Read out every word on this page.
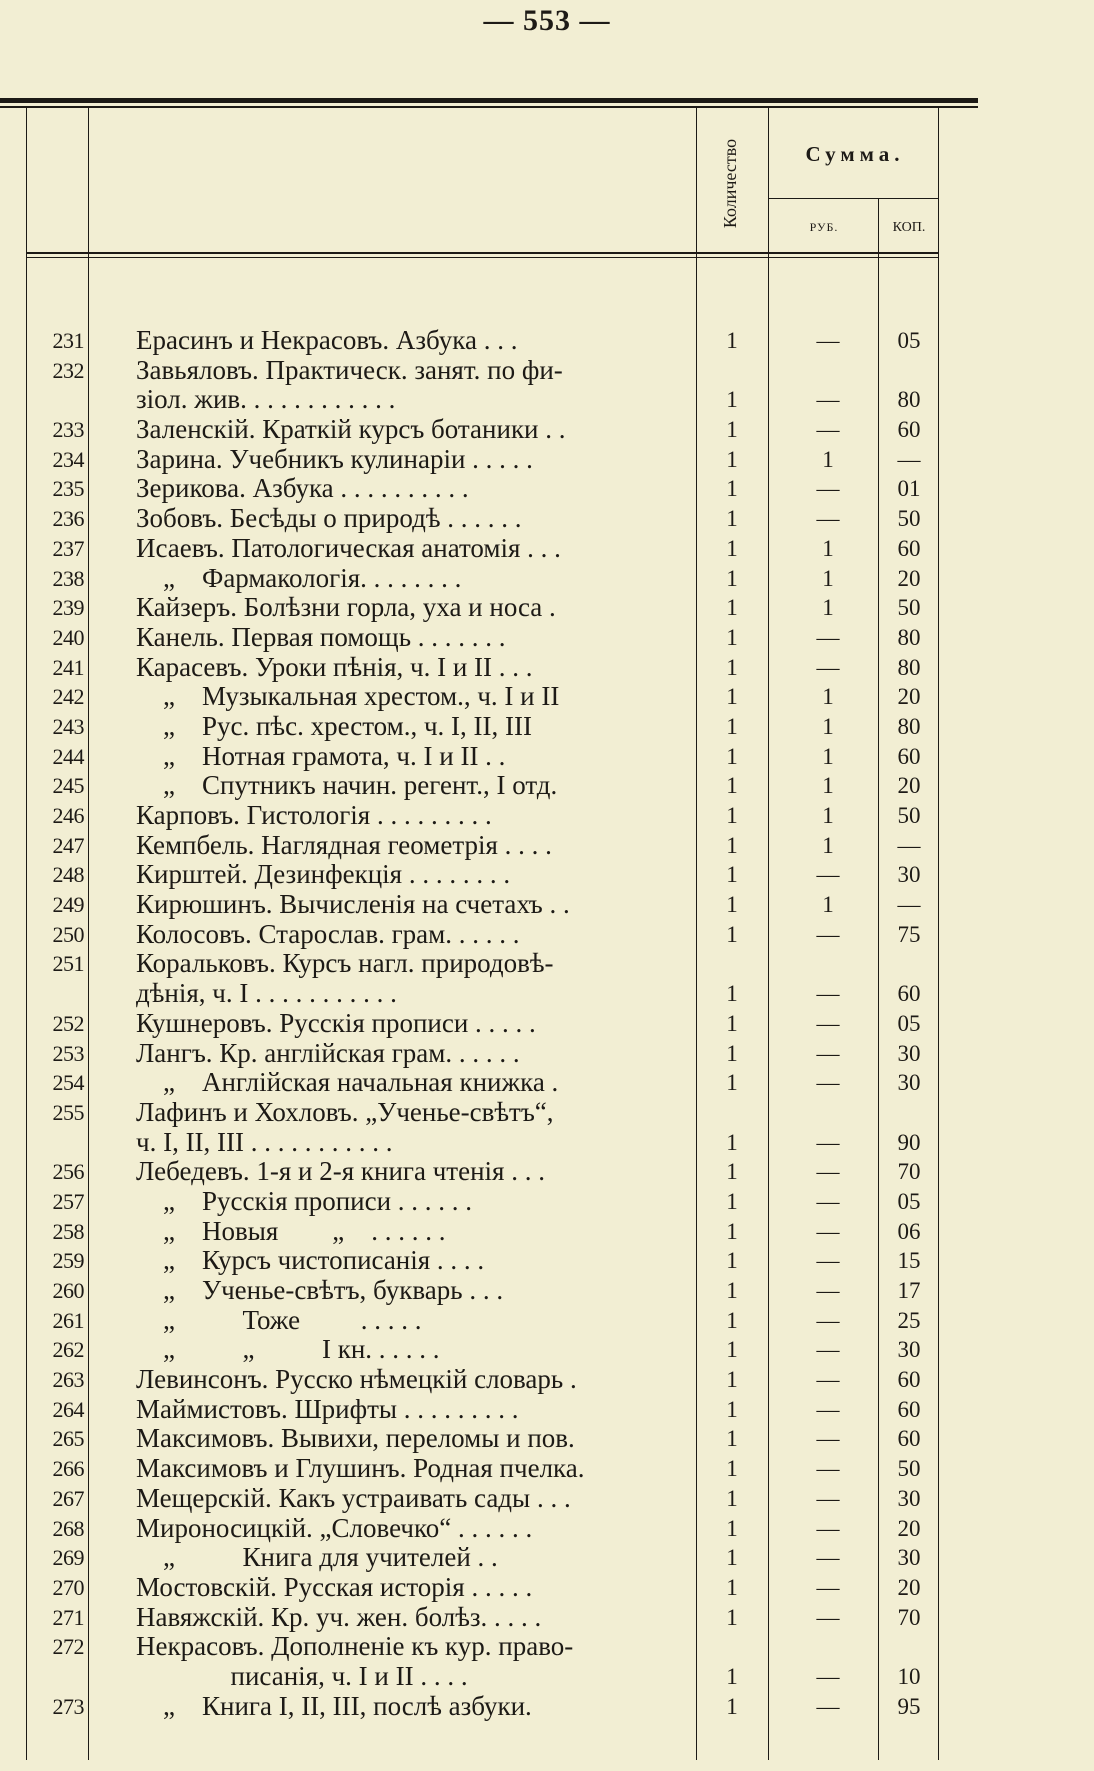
— 553 —
Количество	Сумма.
РУБ.	КОП.
231 Ерасинъ и Некрасовъ. Азбука . . .	1	—	05
232 Завьяловъ. Практическ. занят. по фи-
зіол. жив. . . . . . . . . . . .	1	—	80
233 Заленскій. Краткій курсъ ботаники . .	1	—	60
234 Зарина. Учебникъ кулинаріи . . . . .	1	1	—
235 Зерикова. Азбука . . . . . . . . . .	1	—	01
236 Зобовъ. Бесѣды о природѣ . . . . . .	1	—	50
237 Исаевъ. Патологическая анатомія . . .	1	1	60
238 „    Фармакологія. . . . . . . .	1	1	20
239 Кайзеръ. Болѣзни горла, уха и носа .	1	1	50
240 Канель. Первая помощь . . . . . . .	1	—	80
241 Карасевъ. Уроки пѣнія, ч. I и II . . .	1	—	80
242 „    Музыкальная хрестом., ч. I и II	1	1	20
243 „    Рус. пѣс. хрестом., ч. I, II, III	1	1	80
244 „    Нотная грамота, ч. I и II . .	1	1	60
245 „    Спутникъ начин. регент., I отд.	1	1	20
246 Карповъ. Гистологія . . . . . . . . .	1	1	50
247 Кемпбель. Наглядная геометрія . . . .	1	1	—
248 Кирштей. Дезинфекція . . . . . . . .	1	—	30
249 Кирюшинъ. Вычисленія на счетахъ . .	1	1	—
250 Колосовъ. Старослав. грам. . . . . .	1	—	75
251 Коральковъ. Курсъ нагл. природовѣ-
дѣнія, ч. I . . . . . . . . . . .	1	—	60
252 Кушнеровъ. Русскія прописи . . . . .	1	—	05
253 Лангъ. Кр. англійская грам. . . . . .	1	—	30
254 „    Англійская начальная книжка .	1	—	30
255 Лафинъ и Хохловъ. „Ученье-свѣтъ“,
ч. I, II, III . . . . . . . . . . .	1	—	90
256 Лебедевъ. 1-я и 2-я книга чтенія . . .	1	—	70
257 „    Русскія прописи . . . . . .	1	—	05
258 „    Новыя        „    . . . . . .	1	—	06
259 „    Курсъ чистописанія . . . .	1	—	15
260 „    Ученье-свѣтъ, букварь . . .	1	—	17
261 „          Тоже         . . . . .	1	—	25
262 „          „          I кн. . . . . .	1	—	30
263 Левинсонъ. Русско нѣмецкій словарь .	1	—	60
264 Маймистовъ. Шрифты . . . . . . . . .	1	—	60
265 Максимовъ. Вывихи, переломы и пов.	1	—	60
266 Максимовъ и Глушинъ. Родная пчелка.	1	—	50
267 Мещерскій. Какъ устраивать сады . . .	1	—	30
268 Мироносицкій. „Словечко“ . . . . . .	1	—	20
269 „          Книга для учителей . .	1	—	30
270 Мостовскій. Русская исторія . . . . .	1	—	20
271 Навяжскій. Кр. уч. жен. болѣз. . . . .	1	—	70
272 Некрасовъ. Дополненіе къ кур. право-
писанія, ч. I и II . . . .	1	—	10
273 „    Книга I, II, III, послѣ азбуки.	1	—	95
